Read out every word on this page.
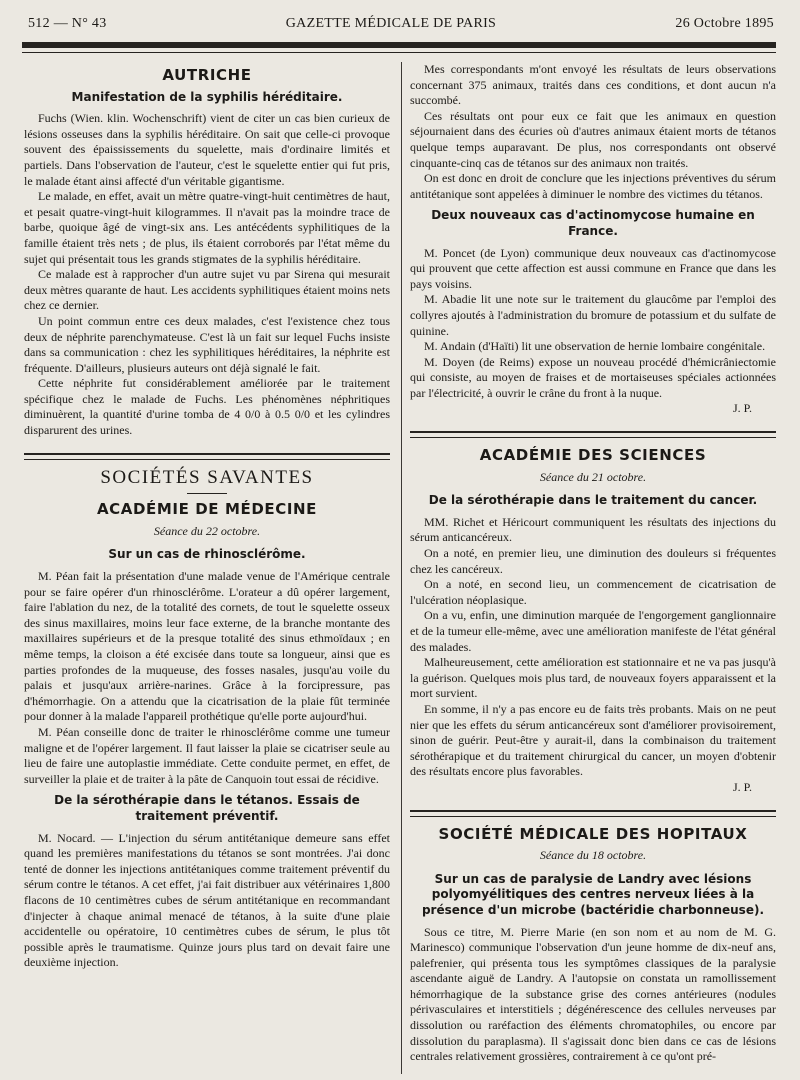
512 — N° 43	GAZETTE MÉDICALE DE PARIS	26 Octobre 1895
AUTRICHE
Manifestation de la syphilis héréditaire.

Fuchs (Wien. klin. Wochenschrift) vient de citer un cas bien curieux de lésions osseuses dans la syphilis héréditaire. On sait que celle-ci provoque souvent des épaississements du squelette, mais d'ordinaire limités et partiels. Dans l'observation de l'auteur, c'est le squelette entier qui fut pris, le malade étant ainsi affecté d'un véritable gigantisme.

Le malade, en effet, avait un mètre quatre-vingt-huit centimètres de haut, et pesait quatre-vingt-huit kilogrammes. Il n'avait pas la moindre trace de barbe, quoique âgé de vingt-six ans. Les antécédents syphilitiques de la famille étaient très nets ; de plus, ils étaient corroborés par l'état même du sujet qui présentait tous les grands stigmates de la syphilis héréditaire.

Ce malade est à rapprocher d'un autre sujet vu par Sirena qui mesurait deux mètres quarante de haut. Les accidents syphilitiques étaient moins nets chez ce dernier.

Un point commun entre ces deux malades, c'est l'existence chez tous deux de néphrite parenchymateuse. C'est là un fait sur lequel Fuchs insiste dans sa communication : chez les syphilitiques héréditaires, la néphrite est fréquente. D'ailleurs, plusieurs auteurs ont déjà signalé le fait.

Cette néphrite fut considérablement améliorée par le traitement spécifique chez le malade de Fuchs. Les phénomènes néphritiques diminuèrent, la quantité d'urine tomba de 4 0/0 à 0.5 0/0 et les cylindres disparurent des urines.

SOCIÉTÉS SAVANTES
ACADÉMIE DE MÉDECINE
Séance du 22 octobre.
Sur un cas de rhinosclérôme.

M. Péan fait la présentation d'une malade venue de l'Amérique centrale pour se faire opérer d'un rhinosclérôme. L'orateur a dû opérer largement, faire l'ablation du nez, de la totalité des cornets, de tout le squelette osseux des sinus maxillaires, moins leur face externe, de la branche montante des maxillaires supérieurs et de la presque totalité des sinus ethmoïdaux ; en même temps, la cloison a été excisée dans toute sa longueur, ainsi que es parties profondes de la muqueuse, des fosses nasales, jusqu'au voile du palais et jusqu'aux arrière-narines. Grâce à la forcipressure, pas d'hémorrhagie. On a attendu que la cicatrisation de la plaie fût terminée pour donner à la malade l'appareil prothétique qu'elle porte aujourd'hui.

M. Péan conseille donc de traiter le rhinosclérôme comme une tumeur maligne et de l'opérer largement. Il faut laisser la plaie se cicatriser seule au lieu de faire une autoplastie immédiate. Cette conduite permet, en effet, de surveiller la plaie et de traiter à la pâte de Canquoin tout essai de récidive.

De la sérothérapie dans le tétanos. Essais de traitement préventif.

M. Nocard. — L'injection du sérum antitétanique demeure sans effet quand les premières manifestations du tétanos se sont montrées. J'ai donc tenté de donner les injections antitétaniques comme traitement préventif du sérum contre le tétanos. A cet effet, j'ai fait distribuer aux vétérinaires 1,800 flacons de 10 centimètres cubes de sérum antitétanique en recommandant d'injecter à chaque animal menacé de tétanos, à la suite d'une plaie accidentelle ou opératoire, 10 centimètres cubes de sérum, le plus tôt possible après le traumatisme. Quinze jours plus tard on devait faire une deuxième injection.

Mes correspondants m'ont envoyé les résultats de leurs observations concernant 375 animaux, traités dans ces conditions, et dont aucun n'a succombé.

Ces résultats ont pour eux ce fait que les animaux en question séjournaient dans des écuries où d'autres animaux étaient morts de tétanos quelque temps auparavant. De plus, nos correspondants ont observé cinquante-cinq cas de tétanos sur des animaux non traités.

On est donc en droit de conclure que les injections préventives du sérum antitétanique sont appelées à diminuer le nombre des victimes du tétanos.

Deux nouveaux cas d'actinomycose humaine en France.

M. Poncet (de Lyon) communique deux nouveaux cas d'actinomycose qui prouvent que cette affection est aussi commune en France que dans les pays voisins.

M. Abadie lit une note sur le traitement du glaucôme par l'emploi des collyres ajoutés à l'administration du bromure de potassium et du sulfate de quinine.

M. Andain (d'Haïti) lit une observation de hernie lombaire congénitale.

M. Doyen (de Reims) expose un nouveau procédé d'hémicrâniectomie qui consiste, au moyen de fraises et de mortaiseuses spéciales actionnées par l'électricité, à ouvrir le crâne du front à la nuque.

J. P.

ACADÉMIE DES SCIENCES
Séance du 21 octobre.
De la sérothérapie dans le traitement du cancer.

MM. Richet et Héricourt communiquent les résultats des injections du sérum anticancéreux.

On a noté, en premier lieu, une diminution des douleurs si fréquentes chez les cancéreux.

On a noté, en second lieu, un commencement de cicatrisation de l'ulcération néoplasique.

On a vu, enfin, une diminution marquée de l'engorgement ganglionnaire et de la tumeur elle-même, avec une amélioration manifeste de l'état général des malades.

Malheureusement, cette amélioration est stationnaire et ne va pas jusqu'à la guérison. Quelques mois plus tard, de nouveaux foyers apparaissent et la mort survient.

En somme, il n'y a pas encore eu de faits très probants. Mais on ne peut nier que les effets du sérum anticancéreux sont d'améliorer provisoirement, sinon de guérir. Peut-être y aurait-il, dans la combinaison du traitement sérothérapique et du traitement chirurgical du cancer, un moyen d'obtenir des résultats encore plus favorables.

J. P.

SOCIÉTÉ MÉDICALE DES HOPITAUX
Séance du 18 octobre.
Sur un cas de paralysie de Landry avec lésions polyomyélitiques des centres nerveux liées à la présence d'un microbe (bactéridie charbonneuse).

Sous ce titre, M. Pierre Marie (en son nom et au nom de M. G. Marinesco) communique l'observation d'un jeune homme de dix-neuf ans, palefrenier, qui présenta tous les symptômes classiques de la paralysie ascendante aiguë de Landry. A l'autopsie on constata un ramollissement hémorrhagique de la substance grise des cornes antérieures (nodules périvasculaires et interstitiels ; dégénérescence des cellules nerveuses par dissolution ou raréfaction des éléments chromatophiles, ou encore par dissolution du paraplasma). Il s'agissait donc bien dans ce cas de lésions centrales relativement grossières, contrairement à ce qu'ont pré-
